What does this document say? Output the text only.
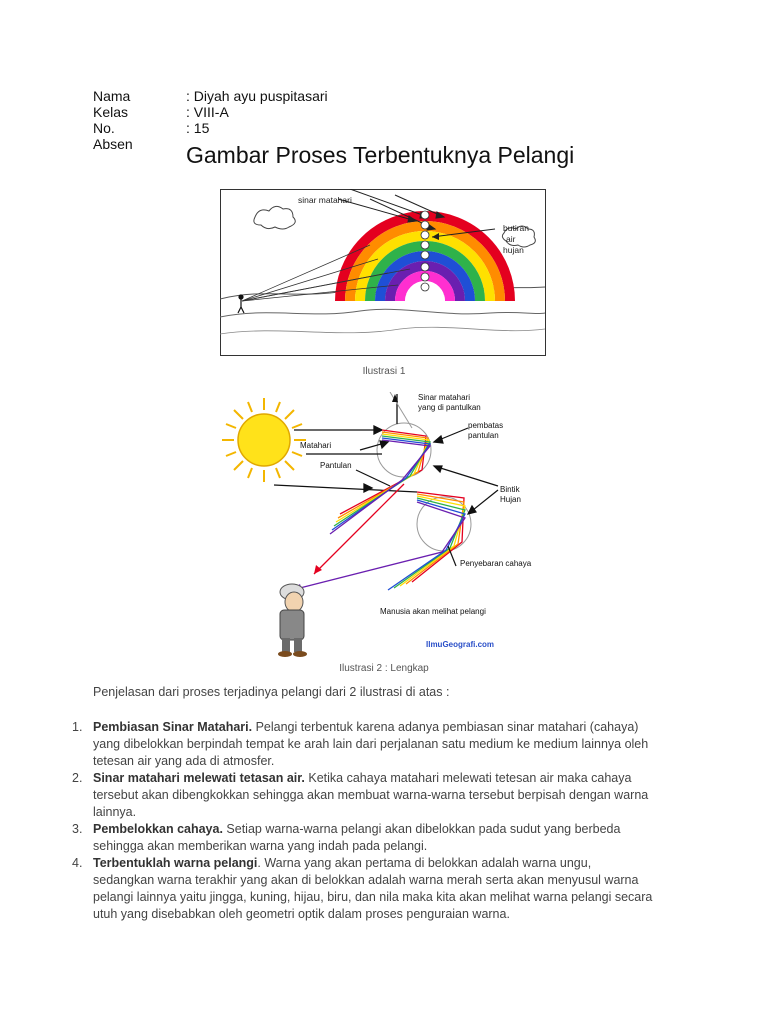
Nama	: Diyah ayu puspitasari
Kelas	: VIII-A
No. Absen
: 15
Gambar Proses Terbentuknya Pelangi
sinar matahari
butiran
air
hujan
Ilustrasi 1
Sinar matahari
yang di pantulkan
pembatas
pantulan
Matahari
Pantulan
Bintik
Hujan
Penyebaran cahaya
Manusia akan melihat pelangi
IlmuGeografi.com
Ilustrasi 2 : Lengkap
Penjelasan dari proses terjadinya pelangi dari 2 ilustrasi di atas :
1. Pembiasan Sinar Matahari. Pelangi terbentuk karena adanya pembiasan sinar matahari (cahaya)
yang dibelokkan berpindah tempat ke arah lain dari perjalanan satu medium ke medium lainnya oleh
tetesan air yang ada di atmosfer.
2. Sinar matahari melewati tetasan air. Ketika cahaya matahari melewati tetesan air maka cahaya
tersebut akan dibengkokkan sehingga akan membuat warna-warna tersebut berpisah dengan warna
lainnya.
3. Pembelokkan cahaya. Setiap warna-warna pelangi akan dibelokkan pada sudut yang berbeda
sehingga akan memberikan warna yang indah pada pelangi.
4. Terbentuklah warna pelangi. Warna yang akan pertama di belokkan adalah warna ungu,
sedangkan warna terakhir yang akan di belokkan adalah warna merah serta akan menyusul warna
pelangi lainnya yaitu jingga, kuning, hijau, biru, dan nila maka kita akan melihat warna pelangi secara
utuh yang disebabkan oleh geometri optik dalam proses penguraian warna.
